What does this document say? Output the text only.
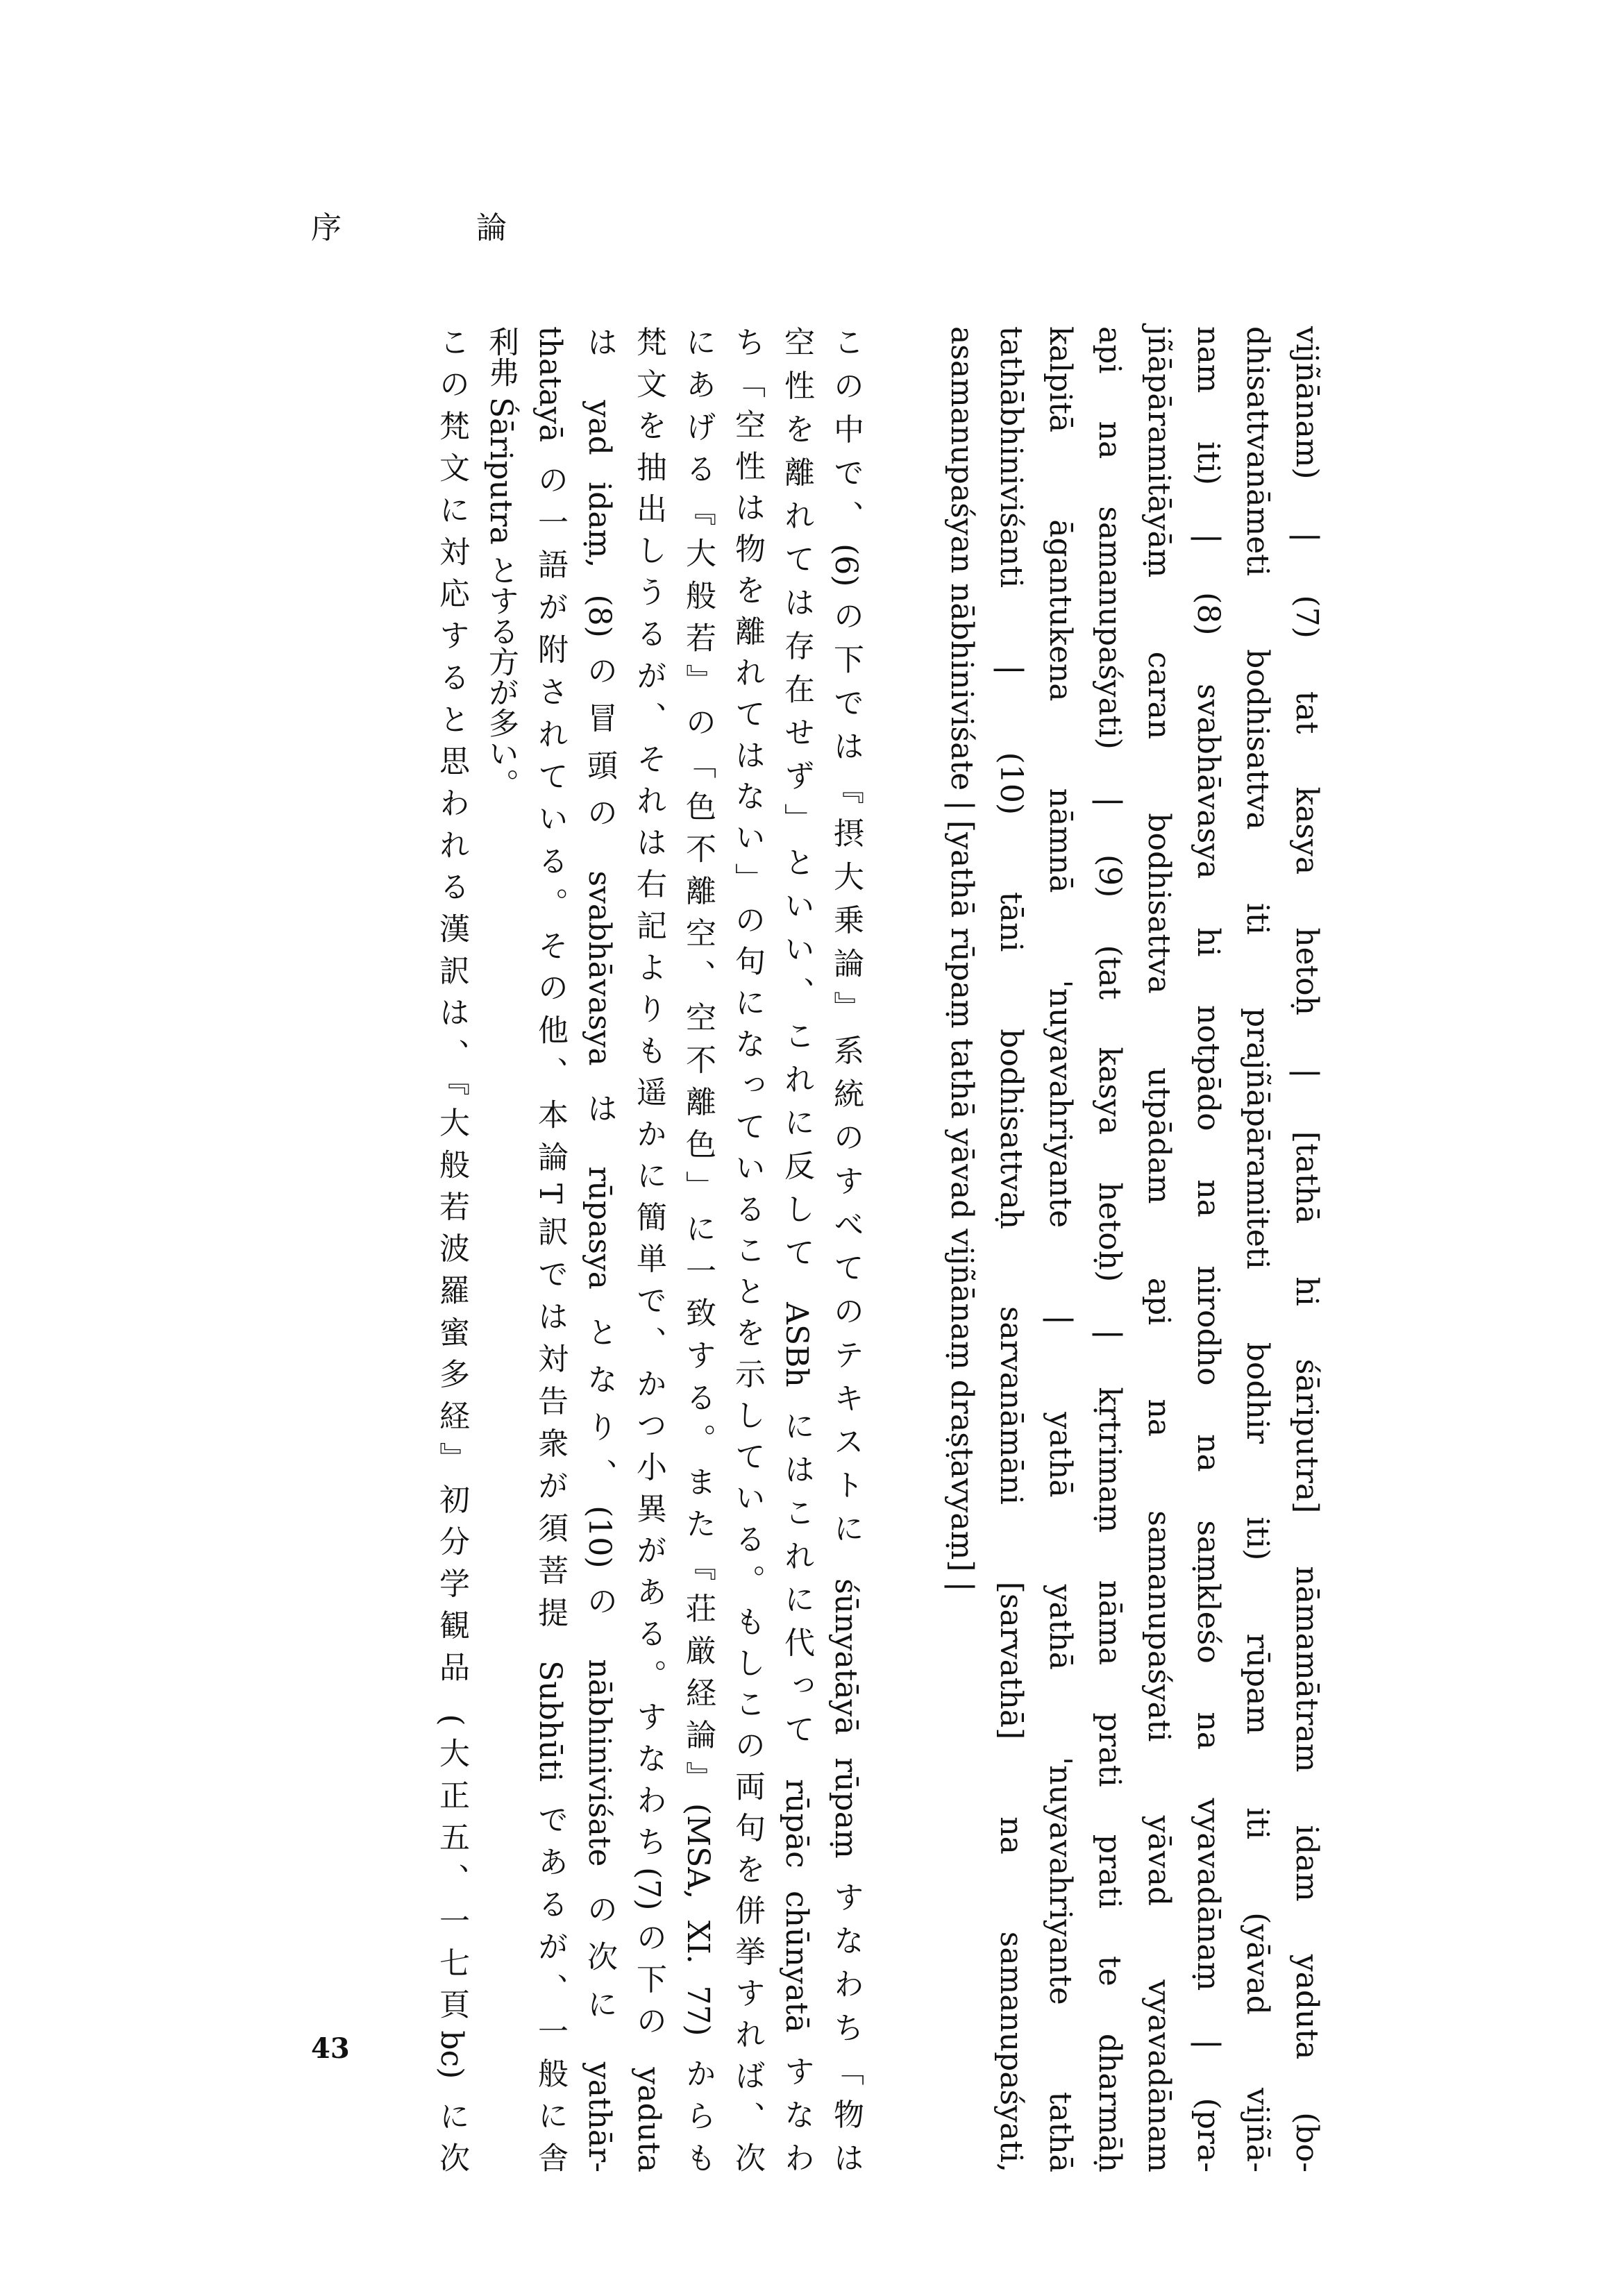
序 論
vijñānam) | (7) tat kasya hetoḥ | [tathā hi śāriputra] nāmamātram idam yaduta (bo-
dhisattvanāmeti bodhisattva iti prajñāpāramiteti bodhir iti) rūpam iti (yāvad vijñā-
nam iti) | (8) svabhāvasya hi notpādo na nirodho na saṃkleśo na vyavadānaṃ | (pra-
jñāpāramitāyāṃ caran bodhisattva utpādam api na samanupaśyati yāvad vyavadānam
api na samanupaśyati) | (9) (tat kasya hetoḥ) | kṛtrimaṃ nāma prati prati te dharmāḥ
kalpitā āgantukena nāmnā 'nuyavahriyante | yathā yathā 'nuyavahriyante tathā
tathābhiniviśanti | (10) tāni bodhisattvaḥ sarvanāmāni [sarvathā] na samanupaśyati,
asamanupaśyan nābhiniviśate | [yathā rūpaṃ tathā yāvad vijñānaṃ draṣṭavyaṃ] |
この中で、(6)の下では『摂大乗論』系統のすべてのテキストに śūnyatāyā rūpaṃ すなわち「物は
空性を離れては存在せず」といい、これに反して ASBh にはこれに代って rūpāc chūnyatā すなわ
ち「空性は物を離れてはない」の句になっていることを示している。もしこの両句を併挙すれば、次
にあげる『大般若』の「色不離空、空不離色」に一致する。また『荘厳経論』(MSA, XI. 77) からも
梵文を抽出しうるが、それは右記よりも遥かに簡単で、かつ小異がある。すなわち(7)の下の yaduta
は yad idaṃ, (8)の冒頭の svabhāvasya は rūpasya となり、(10)の nābhiniviśate の次に yathār-
thatayā の一語が附されている。その他、本論T訳では対告衆が須菩提 Subhūti であるが、一般に舎
利弗 Śāriputra とする方が多い。
この梵文に対応すると思われる漢訳は、『大般若波羅蜜多経』初分学観品 (大正五、一七頁bc) に次
43
